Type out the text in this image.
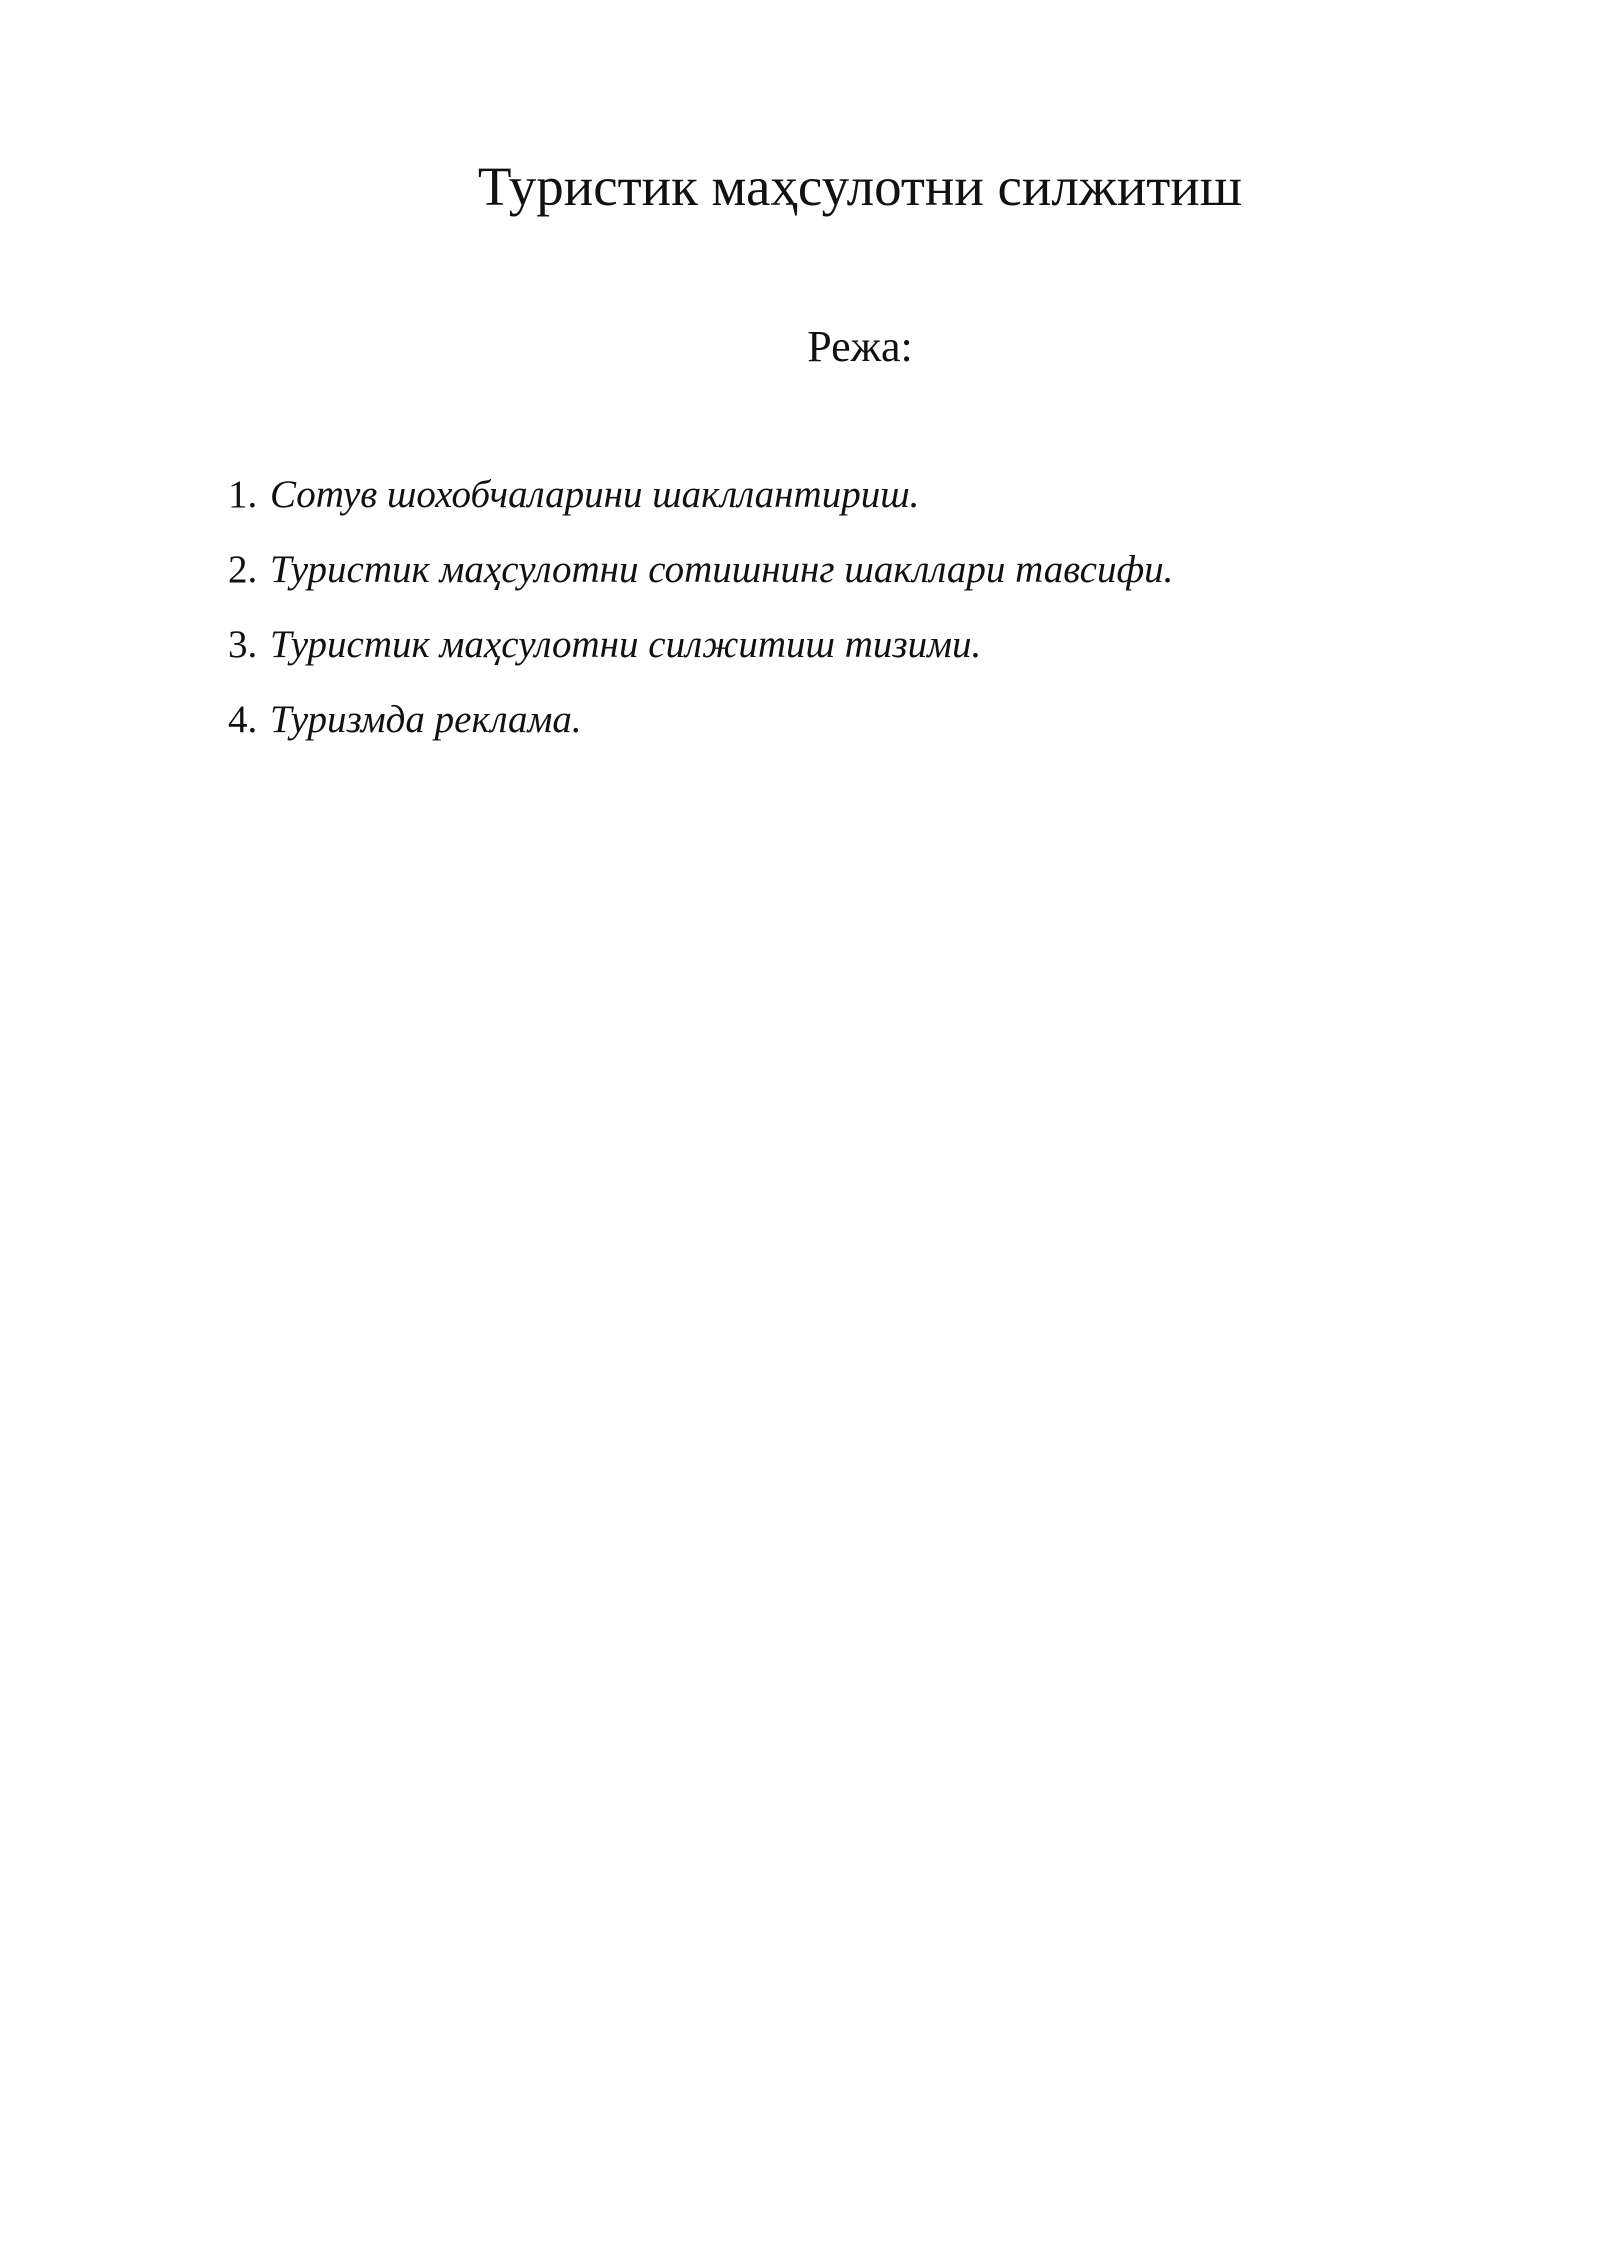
Туристик маҳсулотни силжитиш
Режа:
1. Сотув шохобчаларини шакллантириш.
2. Туристик маҳсулотни сотишнинг шакллари тавсифи.
3. Туристик маҳсулотни силжитиш тизими.
4. Туризмда реклама.
